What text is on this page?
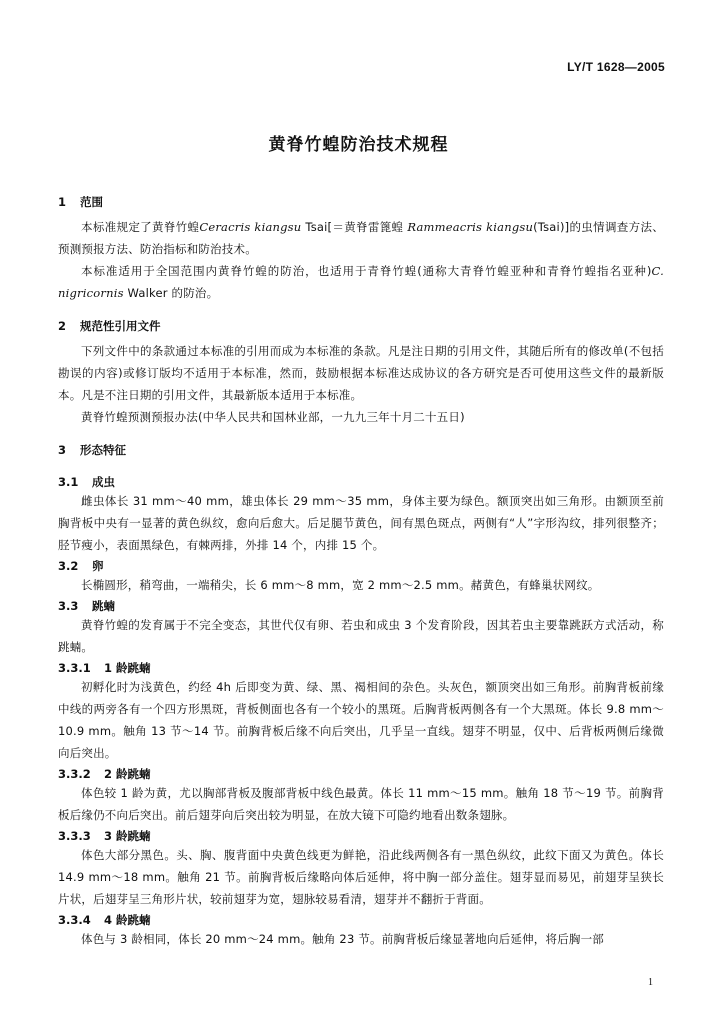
LY/T 1628—2005
黄脊竹蝗防治技术规程
1 范围

本标准规定了黄脊竹蝗Ceracris kiangsu Tsai[＝黄脊雷篦蝗 Rammeacris kiangsu(Tsai)]的虫情调查方法、预测预报方法、防治指标和防治技术。

本标准适用于全国范围内黄脊竹蝗的防治，也适用于青脊竹蝗(通称大青脊竹蝗亚种和青脊竹蝗指名亚种)C. nigricornis Walker 的防治。

2 规范性引用文件

下列文件中的条款通过本标准的引用而成为本标准的条款。凡是注日期的引用文件，其随后所有的修改单(不包括勘误的内容)或修订版均不适用于本标准，然而，鼓励根据本标准达成协议的各方研究是否可使用这些文件的最新版本。凡是不注日期的引用文件，其最新版本适用于本标准。

黄脊竹蝗预测预报办法(中华人民共和国林业部，一九九三年十月二十五日)

3 形态特征
3.1 成虫

雌虫体长 31 mm～40 mm，雄虫体长 29 mm～35 mm，身体主要为绿色。额顶突出如三角形。由额顶至前胸背板中央有一显著的黄色纵纹，愈向后愈大。后足腿节黄色，间有黑色斑点，两侧有“人”字形沟纹，排列很整齐；胫节瘦小，表面黑绿色，有棘两排，外排 14 个，内排 15 个。

3.2 卵

长椭圆形，稍弯曲，一端稍尖，长 6 mm～8 mm，宽 2 mm～2.5 mm。赭黄色，有蜂巢状网纹。

3.3 跳蝻

黄脊竹蝗的发育属于不完全变态，其世代仅有卵、若虫和成虫 3 个发育阶段，因其若虫主要靠跳跃方式活动，称跳蝻。

3.3.1 1 龄跳蝻

初孵化时为浅黄色，约经 4h 后即变为黄、绿、黑、褐相间的杂色。头灰色，额顶突出如三角形。前胸背板前缘中线的两旁各有一个四方形黑斑，背板侧面也各有一个较小的黑斑。后胸背板两侧各有一个大黑斑。体长 9.8 mm～10.9 mm。触角 13 节～14 节。前胸背板后缘不向后突出，几乎呈一直线。翅芽不明显，仅中、后背板两侧后缘微向后突出。

3.3.2 2 龄跳蝻

体色较 1 龄为黄，尤以胸部背板及腹部背板中线色最黄。体长 11 mm～15 mm。触角 18 节～19 节。前胸背板后缘仍不向后突出。前后翅芽向后突出较为明显，在放大镜下可隐约地看出数条翅脉。

3.3.3 3 龄跳蝻

体色大部分黑色。头、胸、腹背面中央黄色线更为鲜艳，沿此线两侧各有一黑色纵纹，此纹下面又为黄色。体长 14.9 mm～18 mm。触角 21 节。前胸背板后缘略向体后延伸，将中胸一部分盖住。翅芽显而易见，前翅芽呈狭长片状，后翅芽呈三角形片状，较前翅芽为宽，翅脉较易看清，翅芽并不翻折于背面。

3.3.4 4 龄跳蝻

体色与 3 龄相同，体长 20 mm～24 mm。触角 23 节。前胸背板后缘显著地向后延伸，将后胸一部

1
